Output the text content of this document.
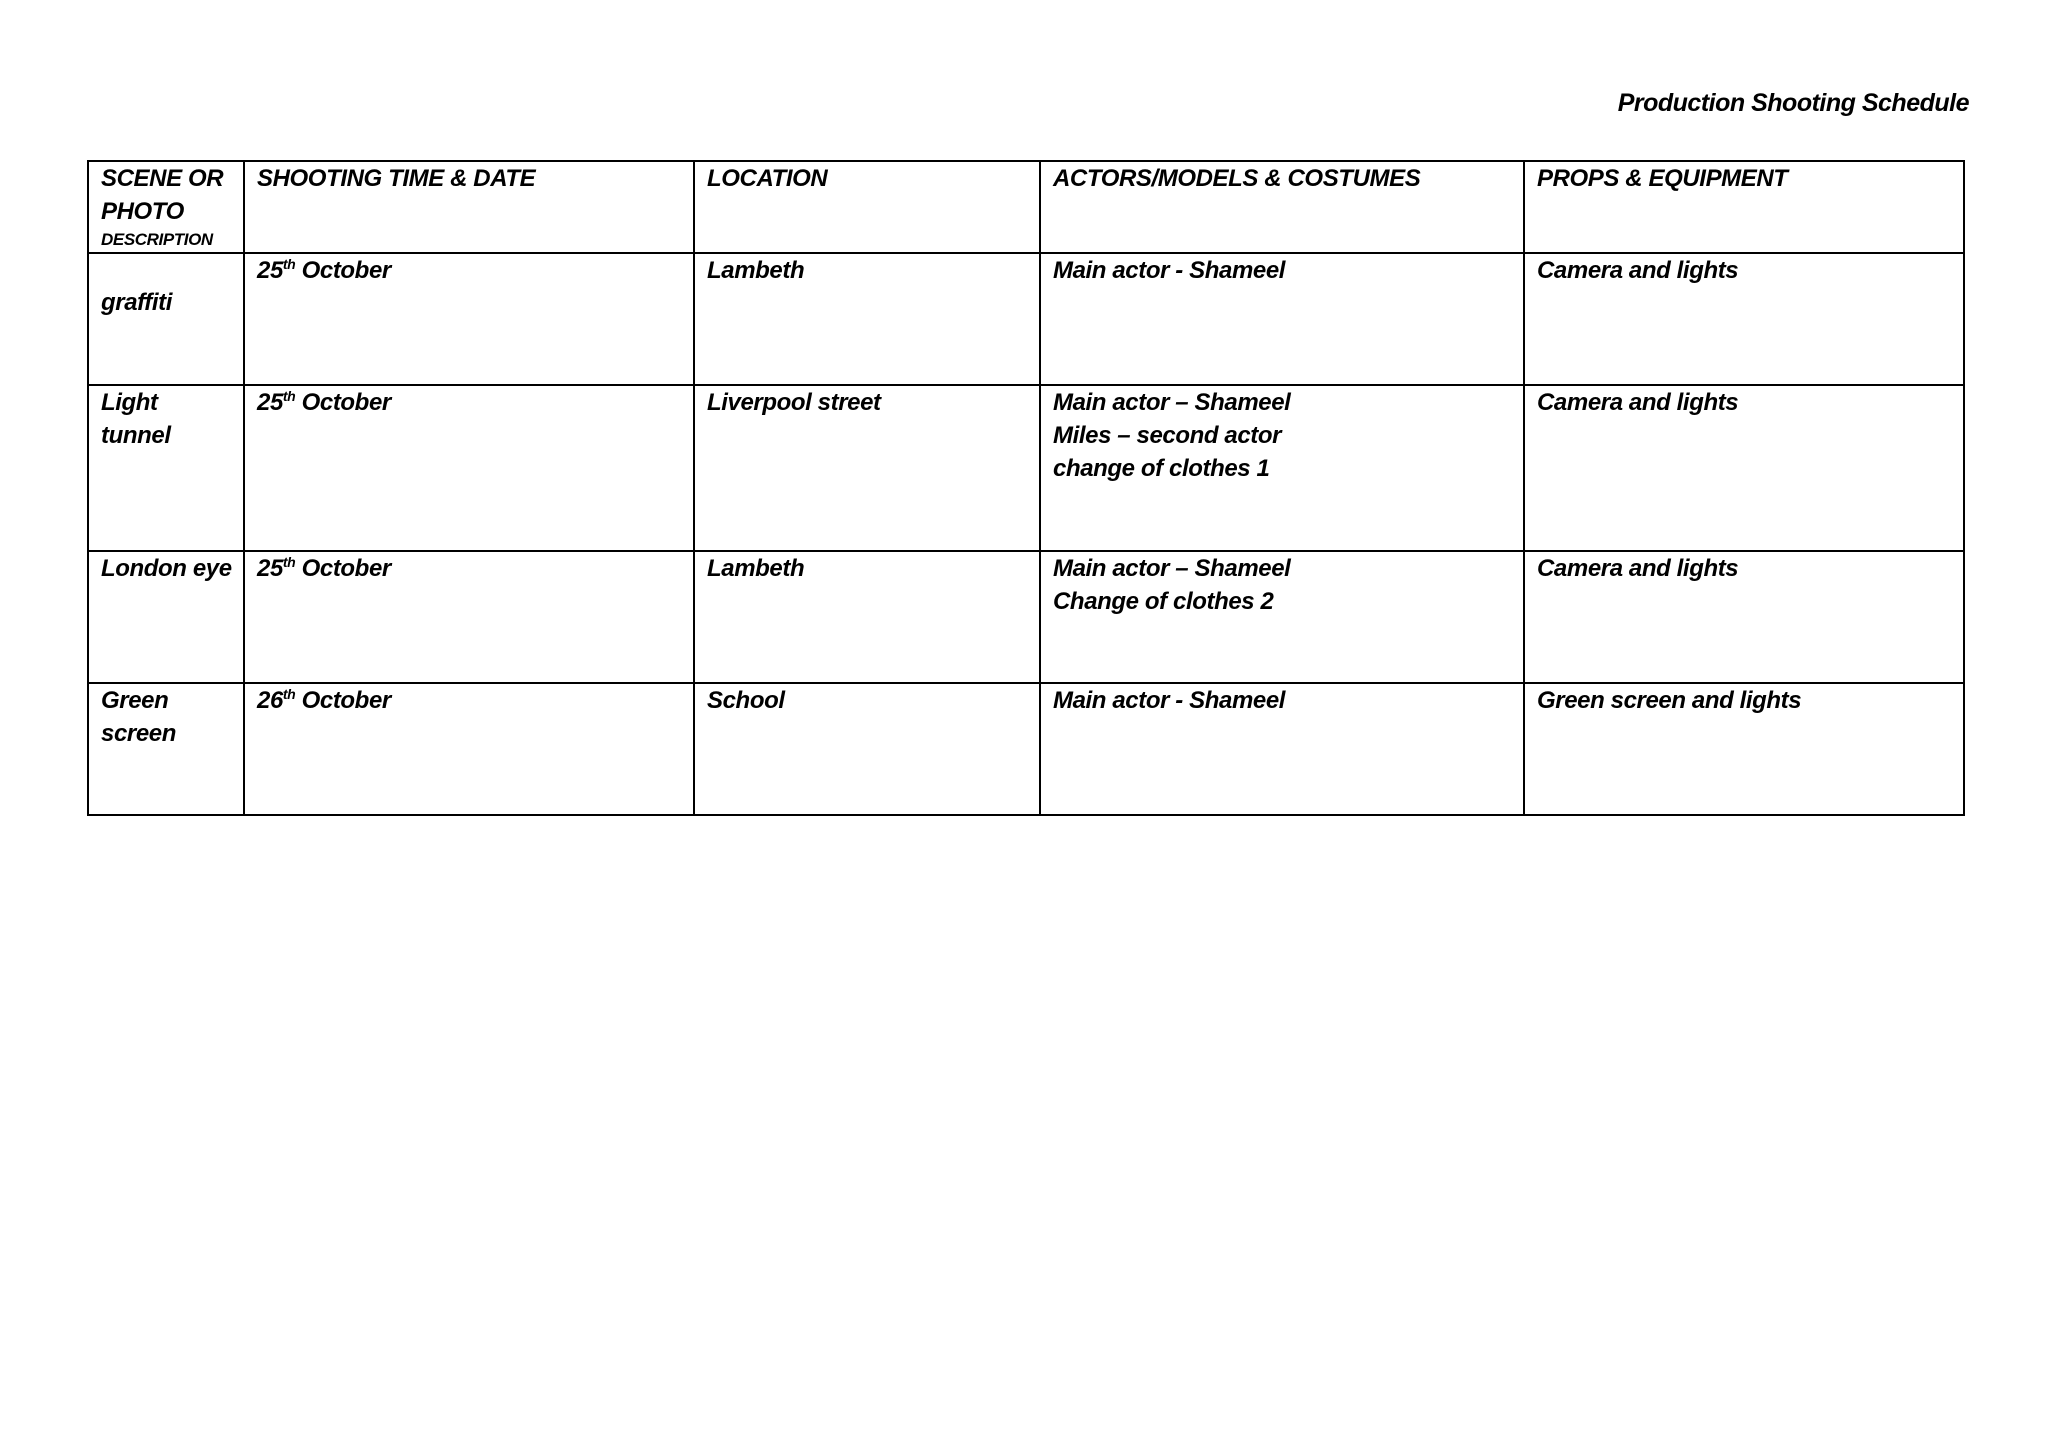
Production Shooting Schedule
SCENE OR
PHOTO
DESCRIPTION	SHOOTING TIME & DATE	LOCATION	ACTORS/MODELS & COSTUMES	PROPS & EQUIPMENT

graffiti	25th October	Lambeth	Main actor - Shameel	Camera and lights

Light
tunnel	25th October	Liverpool street	Main actor – Shameel
Miles – second actor
change of clothes 1	Camera and lights

London eye	25th October	Lambeth	Main actor – Shameel
Change of clothes 2	Camera and lights

Green
screen	26th October	School	Main actor - Shameel	Green screen and lights
